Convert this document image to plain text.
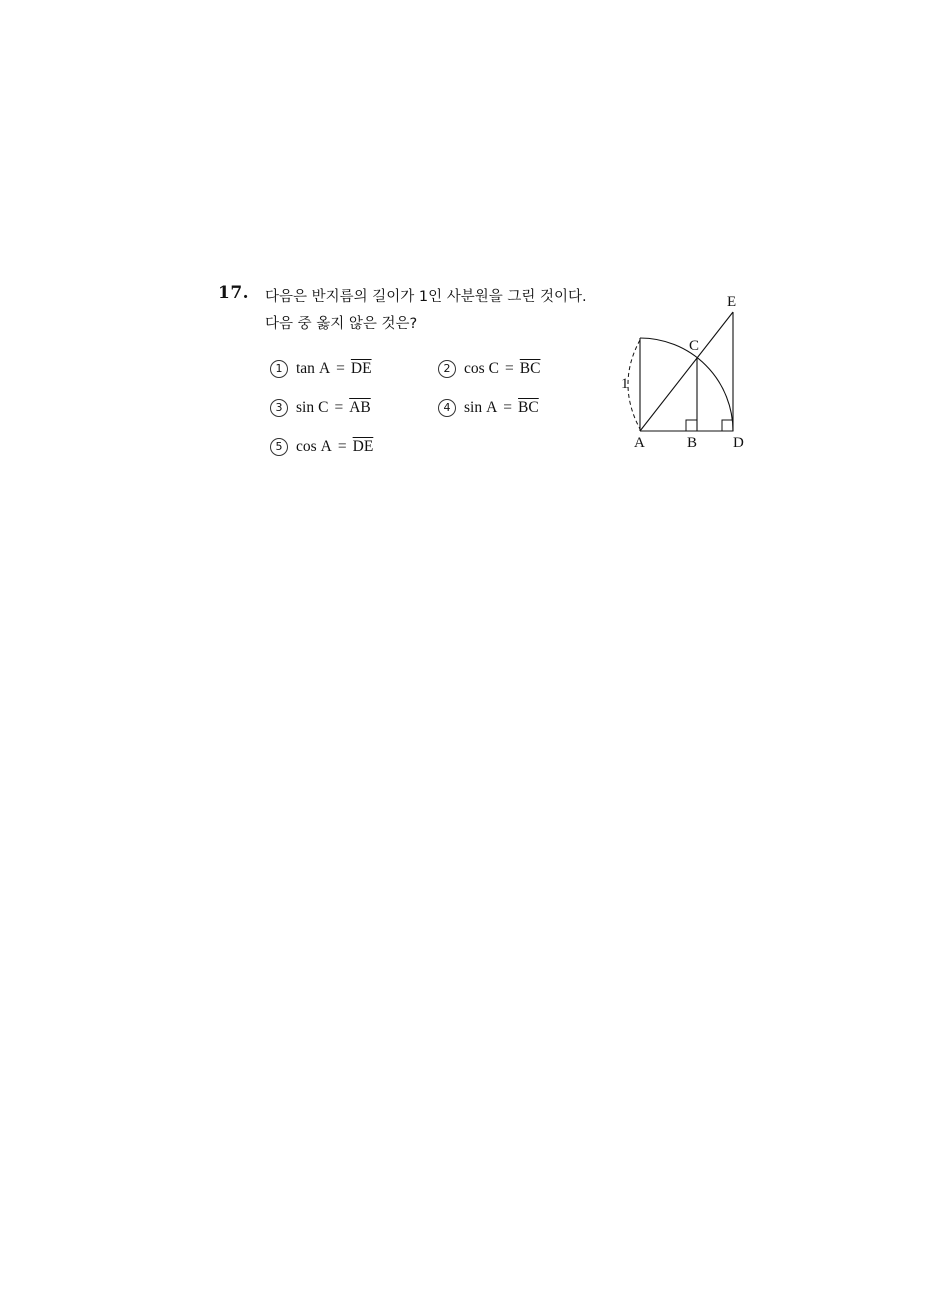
17. 다음은 반지름의 길이가 1인 사분원을 그린 것이다.
다음 중 옳지 않은 것은?
1 $\tan A = \overline{DE}$	2 $\cos C = \overline{BC}$
3 $\sin C = \overline{AB}$	4 $\sin A = \overline{BC}$
5 $\cos A = \overline{DE}$
1
A	B
C
D
E
